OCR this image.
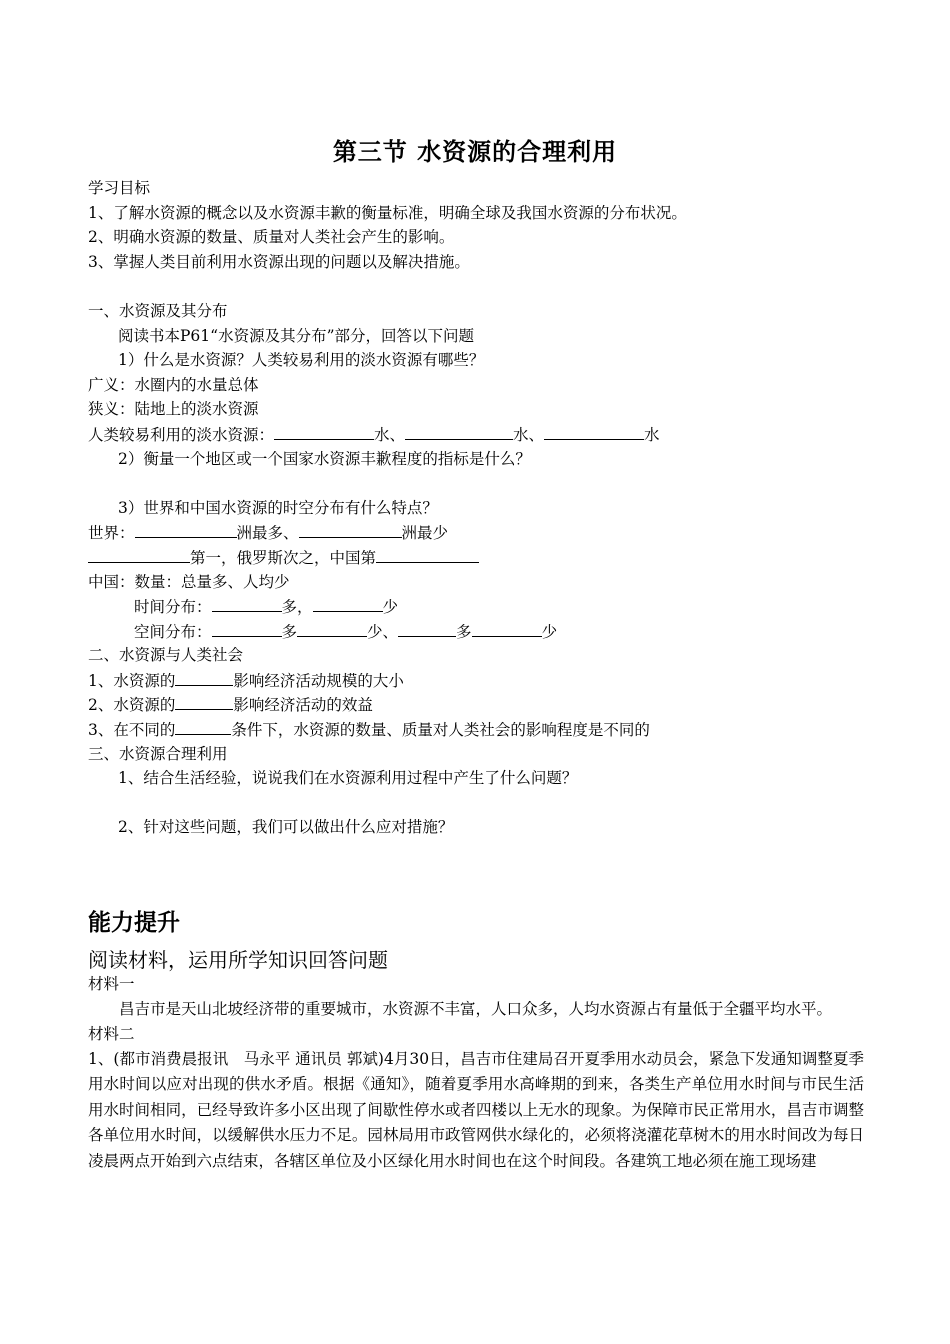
第三节 水资源的合理利用
学习目标
1、了解水资源的概念以及水资源丰歉的衡量标准，明确全球及我国水资源的分布状况。
2、明确水资源的数量、质量对人类社会产生的影响。
3、掌握人类目前利用水资源出现的问题以及解决措施。
一、水资源及其分布
阅读书本P61“水资源及其分布”部分，回答以下问题
1）什么是水资源？人类较易利用的淡水资源有哪些？
广义：水圈内的水量总体
狭义：陆地上的淡水资源
人类较易利用的淡水资源：	水、	水、	水
2）衡量一个地区或一个国家水资源丰歉程度的指标是什么？
3）世界和中国水资源的时空分布有什么特点？
世界：	洲最多、	洲最少
第一，俄罗斯次之，中国第
中国：数量：总量多、人均少
时间分布：	多，	少
空间分布：	多	少、	多	少
二、水资源与人类社会
1、水资源的	影响经济活动规模的大小
2、水资源的	影响经济活动的效益
3、在不同的	条件下，水资源的数量、质量对人类社会的影响程度是不同的
三、水资源合理利用
1、结合生活经验，说说我们在水资源利用过程中产生了什么问题？
2、针对这些问题，我们可以做出什么应对措施？
能力提升
阅读材料，运用所学知识回答问题
材料一
昌吉市是天山北坡经济带的重要城市，水资源不丰富，人口众多，人均水资源占有量低于全疆平均水平。
材料二
1、(都市消费晨报讯　马永平 通讯员 郭斌)4月30日，昌吉市住建局召开夏季用水动员会，紧急下发通知调整夏季用水时间以应对出现的供水矛盾。根据《通知》，随着夏季用水高峰期的到来，各类生产单位用水时间与市民生活用水时间相同，已经导致许多小区出现了间歇性停水或者四楼以上无水的现象。为保障市民正常用水，昌吉市调整各单位用水时间，以缓解供水压力不足。园林局用市政管网供水绿化的，必须将浇灌花草树木的用水时间改为每日凌晨两点开始到六点结束，各辖区单位及小区绿化用水时间也在这个时间段。各建筑工地必须在施工现场建
